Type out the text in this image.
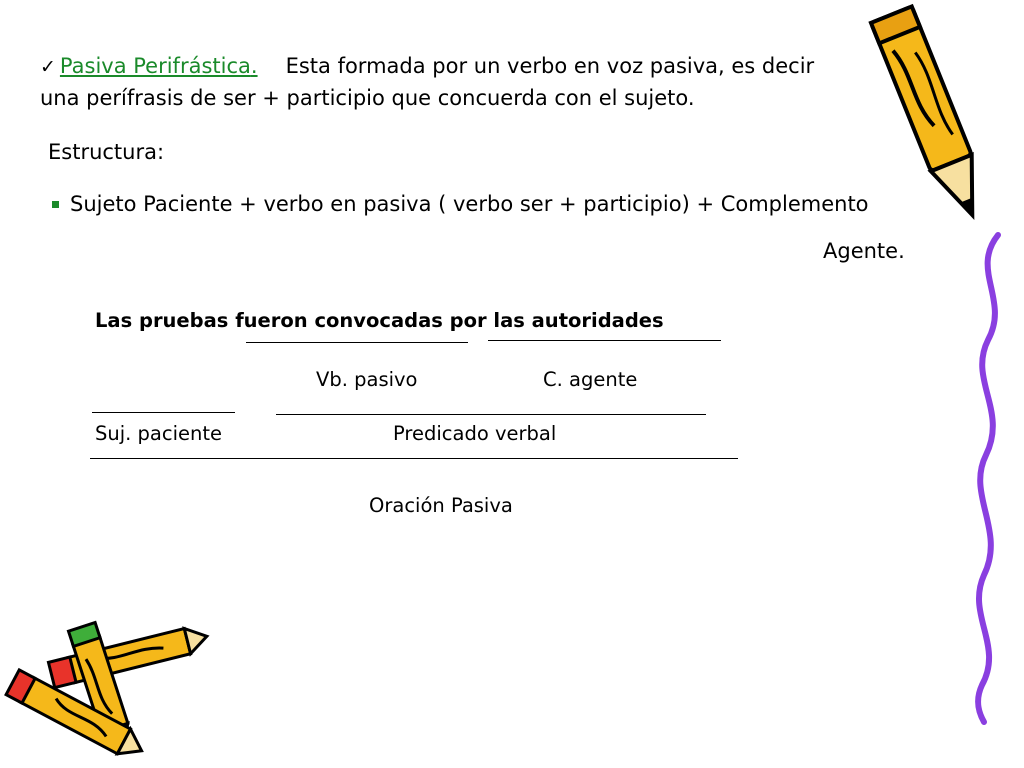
✓ Pasiva Perifrástica. Esta formada por un verbo en voz pasiva, es decir
una perífrasis de ser + participio que concuerda con el sujeto.
Estructura:
Sujeto Paciente + verbo en pasiva ( verbo ser + participio) + Complemento
Agente.
Las pruebas fueron convocadas por las autoridades
Vb. pasivo	C. agente
Suj. paciente	Predicado verbal
Oración Pasiva
